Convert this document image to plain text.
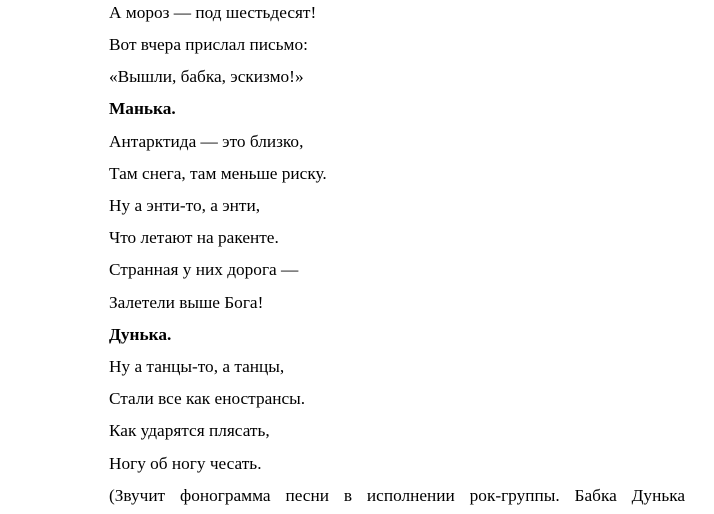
А мороз — под шестьдесят!
Вот вчера прислал письмо:
«Вышли, бабка, эскизмо!»
Манька.
Антарктида — это близко,
Там снега, там меньше риску.
Ну а энти-то, а энти,
Что летают на ракенте.
Странная у них дорога —
Залетели выше Бога!
Дунька.
Ну а танцы-то, а танцы,
Стали все как енострансы.
Как ударятся плясать,
Ногу об ногу чесать.
(Звучит фонограмма песни в исполнении рок-группы. Бабка Дунька
